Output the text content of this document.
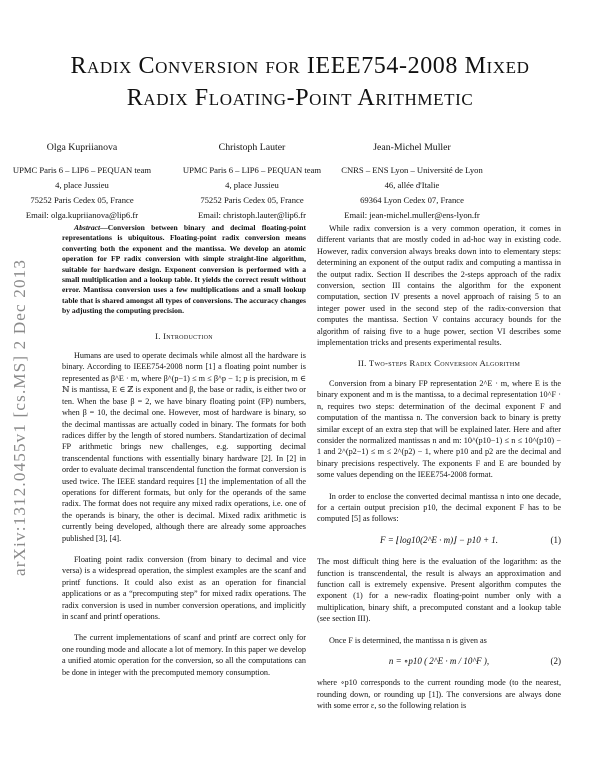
arXiv:1312.0455v1 [cs.MS] 2 Dec 2013
Radix Conversion for IEEE754-2008 Mixed
Radix Floating-Point Arithmetic
Olga Kupriianova
UPMC Paris 6 – LIP6 – PEQUAN team
4, place Jussieu
75252 Paris Cedex 05, France
Email: olga.kupriianova@lip6.fr
Christoph Lauter
UPMC Paris 6 – LIP6 – PEQUAN team
4, place Jussieu
75252 Paris Cedex 05, France
Email: christoph.lauter@lip6.fr
Jean-Michel Muller
CNRS – ENS Lyon – Université de Lyon
46, allée d'Italie
69364 Lyon Cedex 07, France
Email: jean-michel.muller@ens-lyon.fr

Abstract—Conversion between binary and decimal floating-point representations is ubiquitous. Floating-point radix conversion means converting both the exponent and the mantissa. We develop an atomic operation for FP radix conversion with simple straight-line algorithm, suitable for hardware design. Exponent conversion is performed with a small multiplication and a lookup table. It yields the correct result without error. Mantissa conversion uses a few multiplications and a small lookup table that is shared amongst all types of conversions. The accuracy changes by adjusting the computing precision.

I. Introduction

Humans are used to operate decimals while almost all the hardware is binary. According to IEEE754-2008 norm [1] a floating point number is represented as β^E · m, where β^(p−1) ≤ m ≤ β^p − 1; p is precision, m ∈ ℕ is mantissa, E ∈ ℤ is exponent and β, the base or radix, is either two or ten. When the base β = 2, we have binary floating point (FP) numbers, when β = 10, the decimal one. However, most of hardware is binary, so the decimal mantissas are actually coded in binary. The formats for both radices differ by the length of stored numbers. Standartization of decimal FP arithmetic brings new challenges, e.g. supporting decimal transcendental functions with essentially binary hardware [2]. In [2] in order to evaluate decimal transcendental function the format conversion is used twice. The IEEE standard requires [1] the implementation of all the operations for different formats, but only for the operands of the same radix. The format does not require any mixed radix operations, i.e. one of the operands is binary, the other is decimal. Mixed radix arithmetic is currently being developed, although there are already some approaches published [3], [4].

Floating point radix conversion (from binary to decimal and vice versa) is a widespread operation, the simplest examples are the scanf and printf functions. It could also exist as an operation for financial applications or as a “precomputing step” for mixed radix operations. The radix conversion is used in number conversion operations, and implicitly in scanf and printf operations.

The current implementations of scanf and printf are correct only for one rounding mode and allocate a lot of memory. In this paper we develop a unified atomic operation for the conversion, so all the computations can be done in integer with the precomputed memory consumption.

While radix conversion is a very common operation, it comes in different variants that are mostly coded in ad-hoc way in existing code. However, radix conversion always breaks down into to elementary steps: determining an exponent of the output radix and computing a mantissa in the output radix. Section II describes the 2-steps approach of the radix conversion, section III contains the algorithm for the exponent computation, section IV presents a novel approach of raising 5 to an integer power used in the second step of the radix-conversion that computes the mantissa. Section V contains accuracy bounds for the algorithm of raising five to a huge power, section VI describes some implementation tricks and presents experimental results.

II. Two-steps Radix Conversion Algorithm

Conversion from a binary FP representation 2^E · m, where E is the binary exponent and m is the mantissa, to a decimal representation 10^F · n, requires two steps: determination of the decimal exponent F and computation of the mantissa n. The conversion back to binary is pretty similar except of an extra step that will be explained later. Here and after consider the normalized mantissas n and m: 10^(p10−1) ≤ n ≤ 10^(p10) − 1 and 2^(p2−1) ≤ m ≤ 2^(p2) − 1, where p10 and p2 are the decimal and binary precisions respectively. The exponents F and E are bounded by some values depending on the IEEE754-2008 format.

In order to enclose the converted decimal mantissa n into one decade, for a certain output precision p10, the decimal exponent F has to be computed [5] as follows:

F = ⌊log10(2^E · m)⌋ − p10 + 1.	(1)

The most difficult thing here is the evaluation of the logarithm: as the function is transcendental, the result is always an approximation and function call is extremely expensive. Present algorithm computes the exponent (1) for a new-radix floating-point number only with a multiplication, binary shift, a precomputed constant and a lookup table (see section III).

Once F is determined, the mantissa n is given as

n = ∘p10 ( 2^E · m / 10^F ),	(2)

where ∘p10 corresponds to the current rounding mode (to the nearest, rounding down, or rounding up [1]). The conversions are always done with some error ε, so the following relation is
